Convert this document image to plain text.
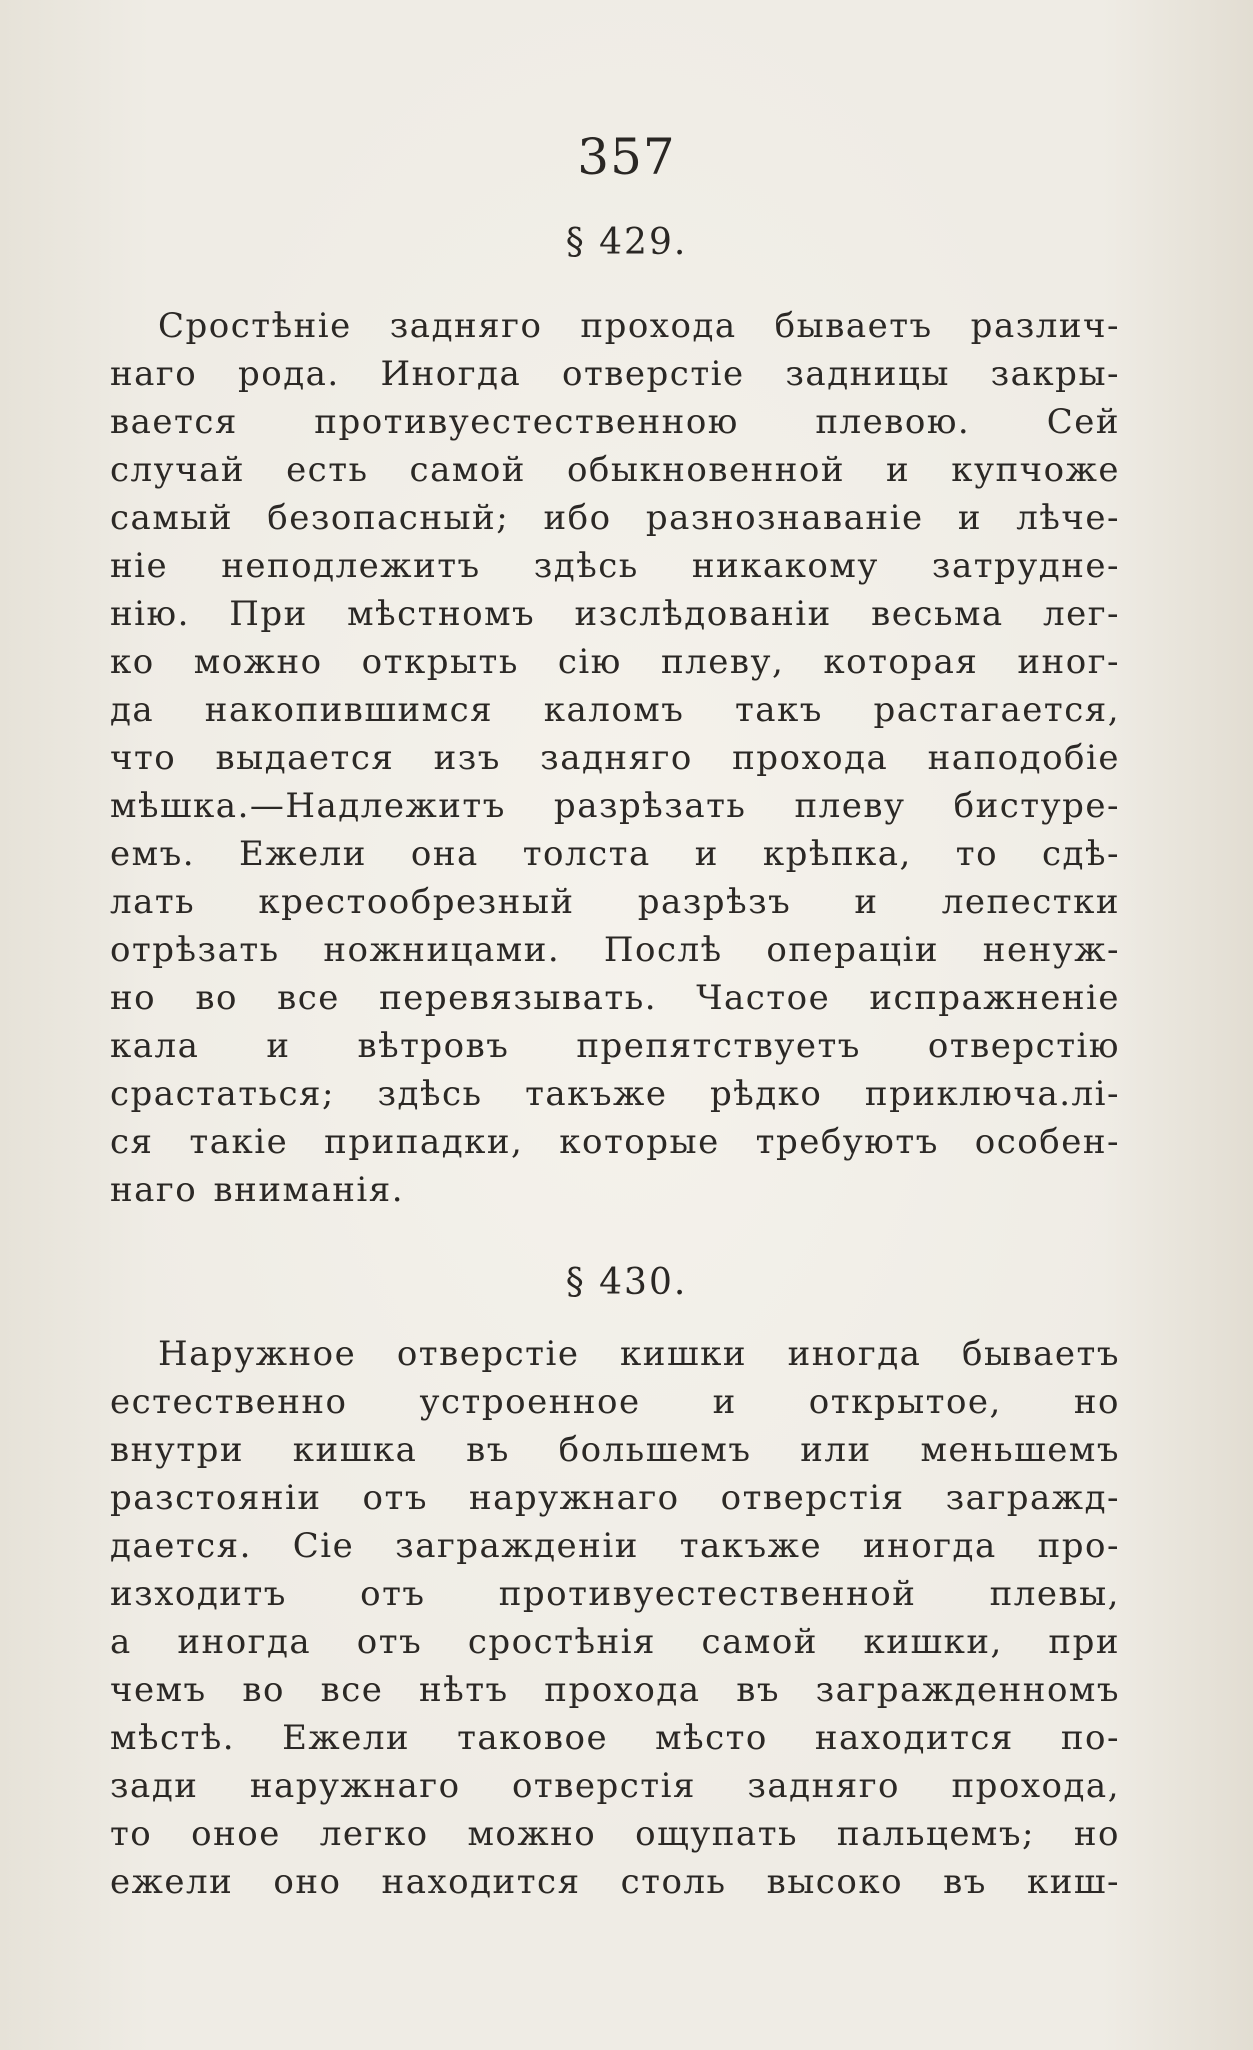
357
§ 429.
Сростѣніе задняго прохода бываетъ различ-
наго рода. Иногда отверстіе задницы закры-
вается противуестественною плевою. Сей
случай есть самой обыкновенной и купчоже
самый безопасный; ибо разнознаваніе и лѣче-
ніе неподлежитъ здѣсь никакому затрудне-
нію. При мѣстномъ изслѣдованіи весьма лег-
ко можно открыть сію плеву, которая иног-
да накопившимся каломъ такъ растагается,
что выдается изъ задняго прохода наподобіе
мѣшка.—Надлежитъ разрѣзать плеву бистуре-
емъ. Ежели она толста и крѣпка, то сдѣ-
лать крестообрезный разрѣзъ и лепестки
отрѣзать ножницами. Послѣ операціи ненуж-
но во все перевязывать. Частое испражненіе
кала и вѣтровъ препятствуетъ отверстію
срастаться; здѣсь такъже рѣдко приключа.лі-
ся такіе припадки, которые требуютъ особен-
наго вниманія.
§ 430.
Наружное отверстіе кишки иногда бываетъ
естественно устроенное и открытое, но
внутри кишка въ большемъ или меньшемъ
разстояніи отъ наружнаго отверстія загражд-
дается. Сіе загражденіи такъже иногда про-
изходитъ отъ противуестественной плевы,
а иногда отъ сростѣнія самой кишки, при
чемъ во все нѣтъ прохода въ загражденномъ
мѣстѣ. Ежели таковое мѣсто находится по-
зади наружнаго отверстія задняго прохода,
то оное легко можно ощупать пальцемъ; но
ежели оно находится столь высоко въ киш-
